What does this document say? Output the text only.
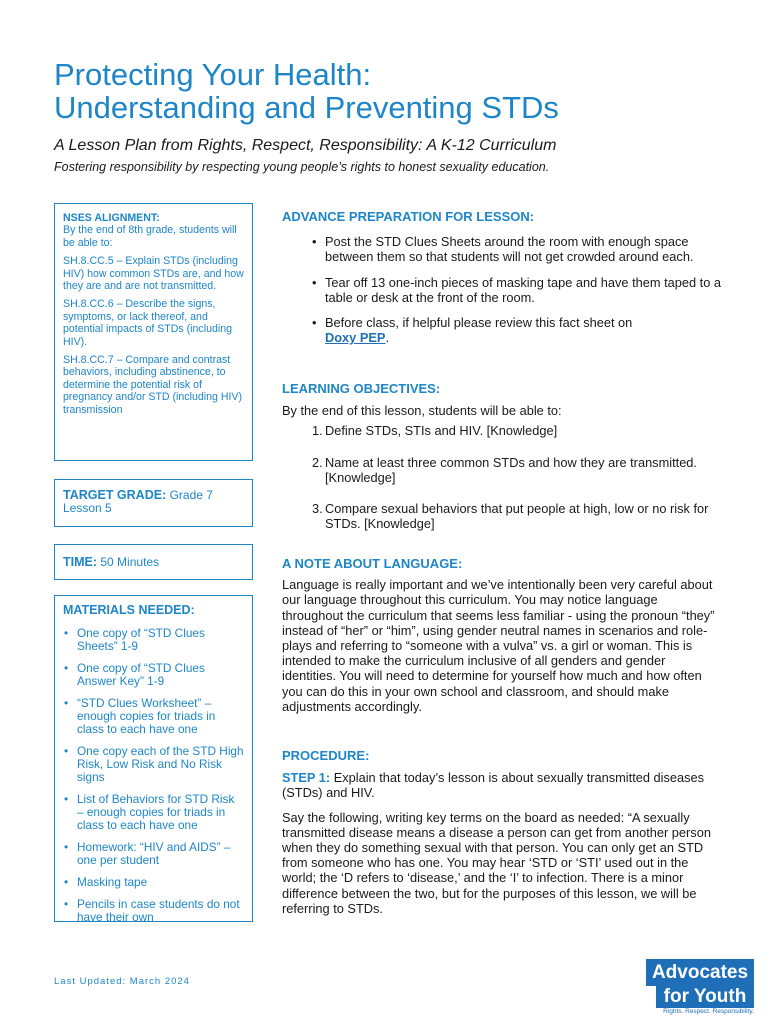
Protecting Your Health:
Understanding and Preventing STDs
A Lesson Plan from Rights, Respect, Responsibility: A K-12 Curriculum
Fostering responsibility by respecting young people’s rights to honest sexuality education.
NSES ALIGNMENT:

By the end of 8th grade, students will be able to:

SH.8.CC.5 – Explain STDs (including HIV) how common STDs are, and how they are and are not transmitted.

SH.8.CC.6 – Describe the signs, symptoms, or lack thereof, and potential impacts of STDs (including HIV).

SH.8.CC.7 – Compare and contrast behaviors, including abstinence, to determine the potential risk of pregnancy and/or STD (including HIV) transmission

TARGET GRADE: Grade 7
Lesson 5
TIME: 50 Minutes
MATERIALS NEEDED:
• One copy of “STD Clues Sheets” 1-9
• One copy of “STD Clues Answer Key” 1-9
• “STD Clues Worksheet” – enough copies for triads in class to each have one
• One copy each of the STD High Risk, Low Risk and No Risk signs
• List of Behaviors for STD Risk – enough copies for triads in class to each have one
• Homework: “HIV and AIDS” – one per student
• Masking tape
• Pencils in case students do not have their own
ADVANCE PREPARATION FOR LESSON:
• Post the STD Clues Sheets around the room with enough space between them so that students will not get crowded around each.
• Tear off 13 one-inch pieces of masking tape and have them taped to a table or desk at the front of the room.
• Before class, if helpful please review this fact sheet on
Doxy PEP.
LEARNING OBJECTIVES:

By the end of this lesson, students will be able to:

1. Define STDs, STIs and HIV. [Knowledge]
2. Name at least three common STDs and how they are transmitted. [Knowledge]
3. Compare sexual behaviors that put people at high, low or no risk for STDs. [Knowledge]
A NOTE ABOUT LANGUAGE:

Language is really important and we’ve intentionally been very careful about our language throughout this curriculum. You may notice language throughout the curriculum that seems less familiar - using the pronoun “they” instead of “her” or “him”, using gender neutral names in scenarios and role-plays and referring to “someone with a vulva” vs. a girl or woman. This is intended to make the curriculum inclusive of all genders and gender identities. You will need to determine for yourself how much and how often you can do this in your own school and classroom, and should make adjustments accordingly.

PROCEDURE:

STEP 1: Explain that today’s lesson is about sexually transmitted diseases (STDs) and HIV.

Say the following, writing key terms on the board as needed: “A sexually transmitted disease means a disease a person can get from another person when they do something sexual with that person. You can only get an STD from someone who has one. You may hear ‘STD or ‘STI’ used out in the world; the ‘D refers to ‘disease,’ and the ‘I’ to infection. There is a minor difference between the two, but for the purposes of this lesson, we will be referring to STDs.

Last Updated: March 2024	Advocates
for Youth
Rights. Respect. Responsibility.
